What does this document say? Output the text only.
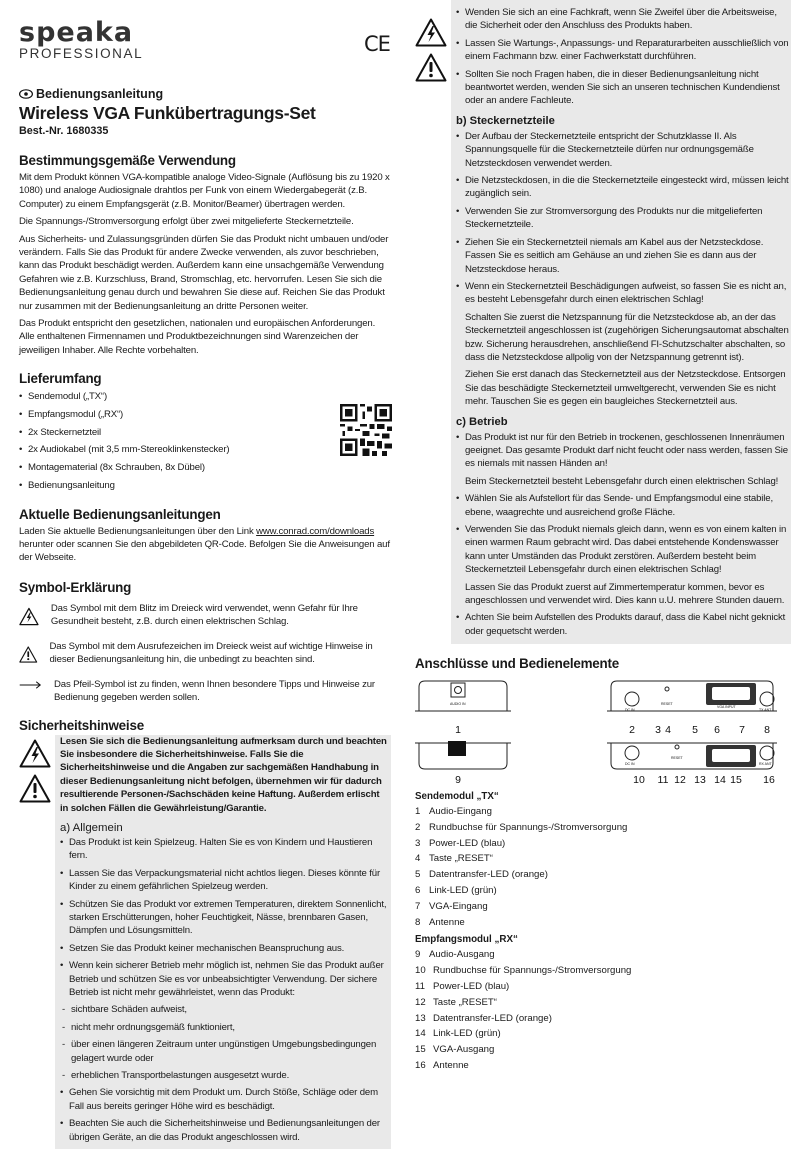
speaka
PROFESSIONAL
Bedienungsanleitung
Wireless VGA Funkübertragungs-Set
Best.-Nr. 1680335
Bestimmungsgemäße Verwendung

Mit dem Produkt können VGA-kompatible analoge Video-Signale (Auflösung bis zu 1920 x 1080) und analoge Audiosignale drahtlos per Funk von einem Wiedergabegerät (z.B. Computer) zu einem Empfangsgerät (z.B. Monitor/Beamer) übertragen werden.

Die Spannungs-/Stromversorgung erfolgt über zwei mitgelieferte Steckernetzteile.

Aus Sicherheits- und Zulassungsgründen dürfen Sie das Produkt nicht umbauen und/oder verändern. Falls Sie das Produkt für andere Zwecke verwenden, als zuvor beschrieben, kann das Produkt beschädigt werden. Außerdem kann eine unsachgemäße Verwendung Gefahren wie z.B. Kurzschluss, Brand, Stromschlag, etc. hervorrufen. Lesen Sie sich die Bedienungsanleitung genau durch und bewahren Sie diese auf. Reichen Sie das Produkt nur zusammen mit der Bedienungsanleitung an dritte Personen weiter.

Das Produkt entspricht den gesetzlichen, nationalen und europäischen Anforderungen. Alle enthaltenen Firmennamen und Produktbezeichnungen sind Warenzeichen der jeweiligen Inhaber. Alle Rechte vorbehalten.

Lieferumfang
• Sendemodul („TX“)
• Empfangsmodul („RX“)
• 2x Steckernetzteil
• 2x Audiokabel (mit 3,5 mm-Stereoklinkenstecker)
• Montagematerial (8x Schrauben, 8x Dübel)
• Bedienungsanleitung
Aktuelle Bedienungsanleitungen

Laden Sie aktuelle Bedienungsanleitungen über den Link www.conrad.com/downloads herunter oder scannen Sie den abgebildeten QR-Code. Befolgen Sie die Anweisungen auf der Webseite.

Symbol-Erklärung

Das Symbol mit dem Blitz im Dreieck wird verwendet, wenn Gefahr für Ihre Gesundheit besteht, z.B. durch einen elektrischen Schlag.

Das Symbol mit dem Ausrufezeichen im Dreieck weist auf wichtige Hinweise in dieser Bedienungsanleitung hin, die unbedingt zu beachten sind.

Das Pfeil-Symbol ist zu finden, wenn Ihnen besondere Tipps und Hinweise zur Bedienung gegeben werden sollen.

Sicherheitshinweise

Lesen Sie sich die Bedienungsanleitung aufmerksam durch und beachten Sie insbesondere die Sicherheitshinweise. Falls Sie die Sicherheitshinweise und die Angaben zur sachgemäßen Handhabung in dieser Bedienungsanleitung nicht befolgen, übernehmen wir für dadurch resultierende Personen-/Sachschäden keine Haftung. Außerdem erlischt in solchen Fällen die Gewährleistung/Garantie.

a) Allgemein
• Das Produkt ist kein Spielzeug. Halten Sie es von Kindern und Haustieren fern.
• Lassen Sie das Verpackungsmaterial nicht achtlos liegen. Dieses könnte für Kinder zu einem gefährlichen Spielzeug werden.
• Schützen Sie das Produkt vor extremen Temperaturen, direktem Sonnenlicht, starken Erschütterungen, hoher Feuchtigkeit, Nässe, brennbaren Gasen, Dämpfen und Lösungsmitteln.
• Setzen Sie das Produkt keiner mechanischen Beanspruchung aus.
• Wenn kein sicherer Betrieb mehr möglich ist, nehmen Sie das Produkt außer Betrieb und schützen Sie es vor unbeabsichtigter Verwendung. Der sichere Betrieb ist nicht mehr gewährleistet, wenn das Produkt:
- sichtbare Schäden aufweist,
- nicht mehr ordnungsgemäß funktioniert,
- über einen längeren Zeitraum unter ungünstigen Umgebungsbedingungen gelagert wurde oder
- erheblichen Transportbelastungen ausgesetzt wurde.
• Gehen Sie vorsichtig mit dem Produkt um. Durch Stöße, Schläge oder dem Fall aus bereits geringer Höhe wird es beschädigt.
• Beachten Sie auch die Sicherheitshinweise und Bedienungsanleitungen der übrigen Geräte, an die das Produkt angeschlossen wird.
• Wenden Sie sich an eine Fachkraft, wenn Sie Zweifel über die Arbeitsweise, die Sicherheit oder den Anschluss des Produkts haben.
• Lassen Sie Wartungs-, Anpassungs- und Reparaturarbeiten ausschließlich von einem Fachmann bzw. einer Fachwerkstatt durchführen.
• Sollten Sie noch Fragen haben, die in dieser Bedienungsanleitung nicht beantwortet werden, wenden Sie sich an unseren technischen Kundendienst oder an andere Fachleute.
b) Steckernetzteile
• Der Aufbau der Steckernetzteile entspricht der Schutzklasse II. Als Spannungsquelle für die Steckernetzteile dürfen nur ordnungsgemäße Netzsteckdosen verwendet werden.
• Die Netzsteckdosen, in die die Steckernetzteile eingesteckt wird, müssen leicht zugänglich sein.
• Verwenden Sie zur Stromversorgung des Produkts nur die mitgelieferten Steckernetzteile.
• Ziehen Sie ein Steckernetzteil niemals am Kabel aus der Netzsteckdose. Fassen Sie es seitlich am Gehäuse an und ziehen Sie es dann aus der Netzsteckdose heraus.
• Wenn ein Steckernetzteil Beschädigungen aufweist, so fassen Sie es nicht an, es besteht Lebensgefahr durch einen elektrischen Schlag!

Schalten Sie zuerst die Netzspannung für die Netzsteckdose ab, an der das Steckernetzteil angeschlossen ist (zugehörigen Sicherungsautomat abschalten bzw. Sicherung herausdrehen, anschließend FI-Schutzschalter abschalten, so dass die Netzsteckdose allpolig von der Netzspannung getrennt ist).

Ziehen Sie erst danach das Steckernetzteil aus der Netzsteckdose. Entsorgen Sie das beschädigte Steckernetzteil umweltgerecht, verwenden Sie es nicht mehr. Tauschen Sie es gegen ein baugleiches Steckernetzteil aus.

c) Betrieb
• Das Produkt ist nur für den Betrieb in trockenen, geschlossenen Innenräumen geeignet. Das gesamte Produkt darf nicht feucht oder nass werden, fassen Sie es niemals mit nassen Händen an!

Beim Steckernetzteil besteht Lebensgefahr durch einen elektrischen Schlag!

• Wählen Sie als Aufstellort für das Sende- und Empfangsmodul eine stabile, ebene, waagrechte und ausreichend große Fläche.
• Verwenden Sie das Produkt niemals gleich dann, wenn es von einem kalten in einen warmen Raum gebracht wird. Das dabei entstehende Kondenswasser kann unter Umständen das Produkt zerstören. Außerdem besteht beim Steckernetzteil Lebensgefahr durch einen elektrischen Schlag!

Lassen Sie das Produkt zuerst auf Zimmertemperatur kommen, bevor es angeschlossen und verwendet wird. Dies kann u.U. mehrere Stunden dauern.

• Achten Sie beim Aufstellen des Produkts darauf, dass die Kabel nicht geknickt oder gequetscht werden.
Anschlüsse und Bedienelemente
AUDIO IN
DC IN
RESET
VGA INPUT
TX ANT
DC IN
RESET
RX ANT
1	2 3 4 5 6 7 8
9	10 11 12 13 14 15 16
Sendemodul „TX“
1 Audio-Eingang
2 Rundbuchse für Spannungs-/Stromversorgung
3 Power-LED (blau)
4 Taste „RESET“
5 Datentransfer-LED (orange)
6 Link-LED (grün)
7 VGA-Eingang
8 Antenne
Empfangsmodul „RX“
9 Audio-Ausgang
10 Rundbuchse für Spannungs-/Stromversorgung
11 Power-LED (blau)
12 Taste „RESET“
13 Datentransfer-LED (orange)
14 Link-LED (grün)
15 VGA-Ausgang
16 Antenne
CE
